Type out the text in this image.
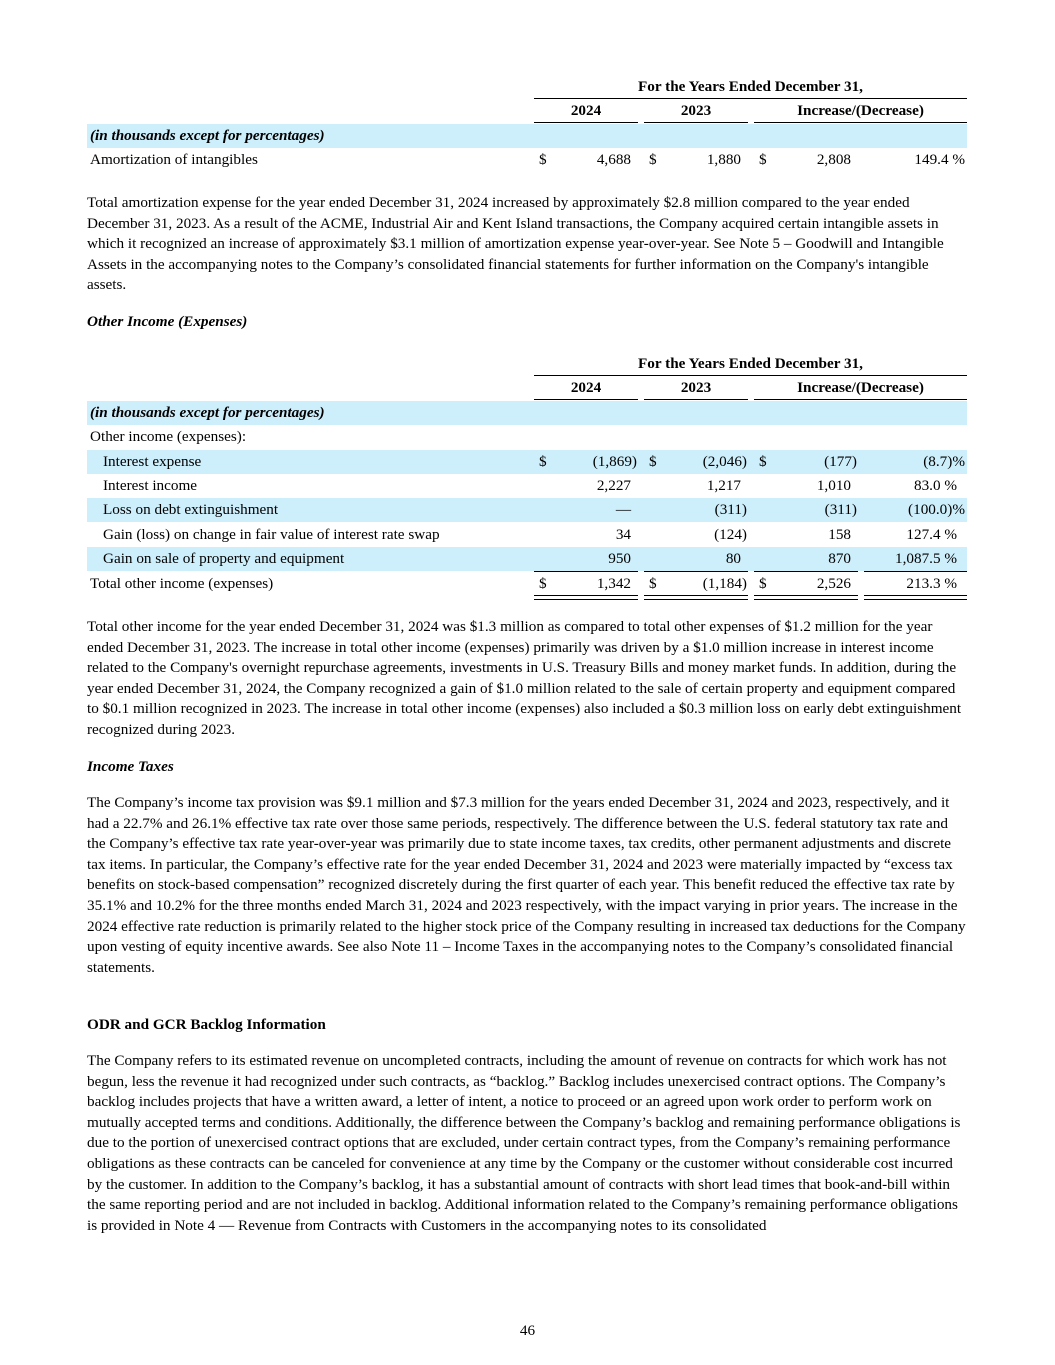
For the Years Ended December 31,
2024	2023	Increase/(Decrease)
(in thousands except for percentages)
Amortization of intangibles	$	4,688 $	1,880 $	2,808	149.4 %

Total amortization expense for the year ended December 31, 2024 increased by approximately $2.8 million compared to the year ended December 31, 2023. As a result of the ACME, Industrial Air and Kent Island transactions, the Company acquired certain intangible assets in which it recognized an increase of approximately $3.1 million of amortization expense year-over-year. See Note 5 – Goodwill and Intangible Assets in the accompanying notes to the Company’s consolidated financial statements for further information on the Company's intangible assets.

Other Income (Expenses)

For the Years Ended December 31,
2024	2023	Increase/(Decrease)
(in thousands except for percentages)
Other income (expenses):
Interest expense	$	(1,869) $	(2,046) $	(177)	(8.7)%
Interest income	2,227	1,217	1,010	83.0 %
Loss on debt extinguishment	—	(311)	(311)	(100.0)%
Gain (loss) on change in fair value of interest rate swap	34	(124)	158	127.4 %
Gain on sale of property and equipment	950	80	870	1,087.5 %
Total other income (expenses)	$	1,342 $	(1,184) $	2,526	213.3 %

Total other income for the year ended December 31, 2024 was $1.3 million as compared to total other expenses of $1.2 million for the year ended December 31, 2023. The increase in total other income (expenses) primarily was driven by a $1.0 million increase in interest income related to the Company's overnight repurchase agreements, investments in U.S. Treasury Bills and money market funds. In addition, during the year ended December 31, 2024, the Company recognized a gain of $1.0 million related to the sale of certain property and equipment compared to $0.1 million recognized in 2023. The increase in total other income (expenses) also included a $0.3 million loss on early debt extinguishment recognized during 2023.

Income Taxes

The Company’s income tax provision was $9.1 million and $7.3 million for the years ended December 31, 2024 and 2023, respectively, and it had a 22.7% and 26.1% effective tax rate over those same periods, respectively. The difference between the U.S. federal statutory tax rate and the Company’s effective tax rate year-over-year was primarily due to state income taxes, tax credits, other permanent adjustments and discrete tax items. In particular, the Company’s effective rate for the year ended December 31, 2024 and 2023 were materially impacted by “excess tax benefits on stock-based compensation” recognized discretely during the first quarter of each year. This benefit reduced the effective tax rate by 35.1% and 10.2% for the three months ended March 31, 2024 and 2023 respectively, with the impact varying in prior years. The increase in the 2024 effective rate reduction is primarily related to the higher stock price of the Company resulting in increased tax deductions for the Company upon vesting of equity incentive awards. See also Note 11 – Income Taxes in the accompanying notes to the Company’s consolidated financial statements.

ODR and GCR Backlog Information

The Company refers to its estimated revenue on uncompleted contracts, including the amount of revenue on contracts for which work has not begun, less the revenue it had recognized under such contracts, as “backlog.” Backlog includes unexercised contract options. The Company’s backlog includes projects that have a written award, a letter of intent, a notice to proceed or an agreed upon work order to perform work on mutually accepted terms and conditions. Additionally, the difference between the Company’s backlog and remaining performance obligations is due to the portion of unexercised contract options that are excluded, under certain contract types, from the Company’s remaining performance obligations as these contracts can be canceled for convenience at any time by the Company or the customer without considerable cost incurred by the customer. In addition to the Company’s backlog, it has a substantial amount of contracts with short lead times that book-and-bill within the same reporting period and are not included in backlog. Additional information related to the Company’s remaining performance obligations is provided in Note 4 — Revenue from Contracts with Customers in the accompanying notes to its consolidated

46
